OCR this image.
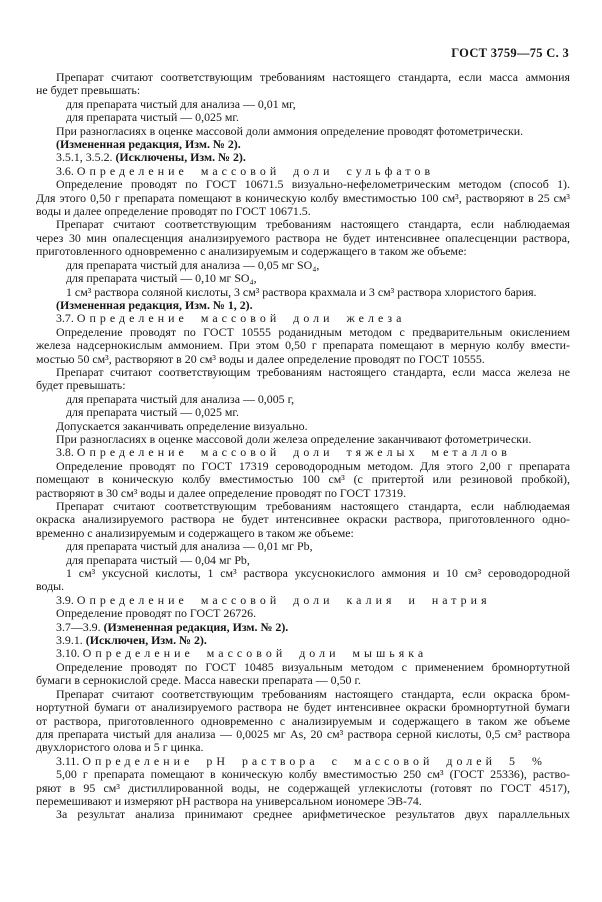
ГОСТ 3759—75 С. 3
Препарат считают соответствующим требованиям настоящего стандарта, если масса аммония
не будет превышать:
для препарата чистый для анализа — 0,01 мг,
для препарата чистый — 0,025 мг.
При разногласиях в оценке массовой доли аммония определение проводят фотометрически.
(Измененная редакция, Изм. № 2).
3.5.1, 3.5.2. (Исключены, Изм. № 2).
3.6. Определение массовой доли сульфатов
Определение проводят по ГОСТ 10671.5 визуально-нефелометрическим методом (способ 1).
Для этого 0,50 г препарата помещают в коническую колбу вместимостью 100 см³, растворяют в 25 см³
воды и далее определение проводят по ГОСТ 10671.5.
Препарат считают соответствующим требованиям настоящего стандарта, если наблюдаемая
через 30 мин опалесценция анализируемого раствора не будет интенсивнее опалесценции раствора,
приготовленного одновременно с анализируемым и содержащего в таком же объеме:
для препарата чистый для анализа — 0,05 мг SO₄,
для препарата чистый — 0,10 мг SO₄,
1 см³ раствора соляной кислоты, 3 см³ раствора крахмала и 3 см³ раствора хлористого бария.
(Измененная редакция, Изм. № 1, 2).
3.7. Определение массовой доли железа
Определение проводят по ГОСТ 10555 роданидным методом с предварительным окислением
железа надсернокислым аммонием. При этом 0,50 г препарата помещают в мерную колбу вмести-
мостью 50 см³, растворяют в 20 см³ воды и далее определение проводят по ГОСТ 10555.
Препарат считают соответствующим требованиям настоящего стандарта, если масса железа не
будет превышать:
для препарата чистый для анализа — 0,005 г,
для препарата чистый — 0,025 мг.
Допускается заканчивать определение визуально.
При разногласиях в оценке массовой доли железа определение заканчивают фотометрически.
3.8. Определение массовой доли тяжелых металлов
Определение проводят по ГОСТ 17319 сероводородным методом. Для этого 2,00 г препарата
помещают в коническую колбу вместимостью 100 см³ (с притертой или резиновой пробкой),
растворяют в 30 см³ воды и далее определение проводят по ГОСТ 17319.
Препарат считают соответствующим требованиям настоящего стандарта, если наблюдаемая
окраска анализируемого раствора не будет интенсивнее окраски раствора, приготовленного одно-
временно с анализируемым и содержащего в таком же объеме:
для препарата чистый для анализа — 0,01 мг Pb,
для препарата чистый — 0,04 мг Pb,
1 см³ уксусной кислоты, 1 см³ раствора уксуснокислого аммония и 10 см³ сероводородной
воды.
3.9. Определение массовой доли калия и натрия
Определение проводят по ГОСТ 26726.
3.7—3.9. (Измененная редакция, Изм. № 2).
3.9.1. (Исключен, Изм. № 2).
3.10. Определение массовой доли мышьяка
Определение проводят по ГОСТ 10485 визуальным методом с применением бромнортутной
бумаги в сернокислой среде. Масса навески препарата — 0,50 г.
Препарат считают соответствующим требованиям настоящего стандарта, если окраска бром-
нортутной бумаги от анализируемого раствора не будет интенсивнее окраски бромнортутной бумаги
от раствора, приготовленного одновременно с анализируемым и содержащего в таком же объеме
для препарата чистый для анализа — 0,0025 мг As, 20 см³ раствора серной кислоты, 0,5 см³ раствора
двухлористого олова и 5 г цинка.
3.11. Определение рН раствора с массовой долей 5 %
5,00 г препарата помещают в коническую колбу вместимостью 250 см³ (ГОСТ 25336), раство-
ряют в 95 см³ дистиллированной воды, не содержащей углекислоты (готовят по ГОСТ 4517),
перемешивают и измеряют рН раствора на универсальном иономере ЭВ-74.
За результат анализа принимают среднее арифметическое результатов двух параллельных
